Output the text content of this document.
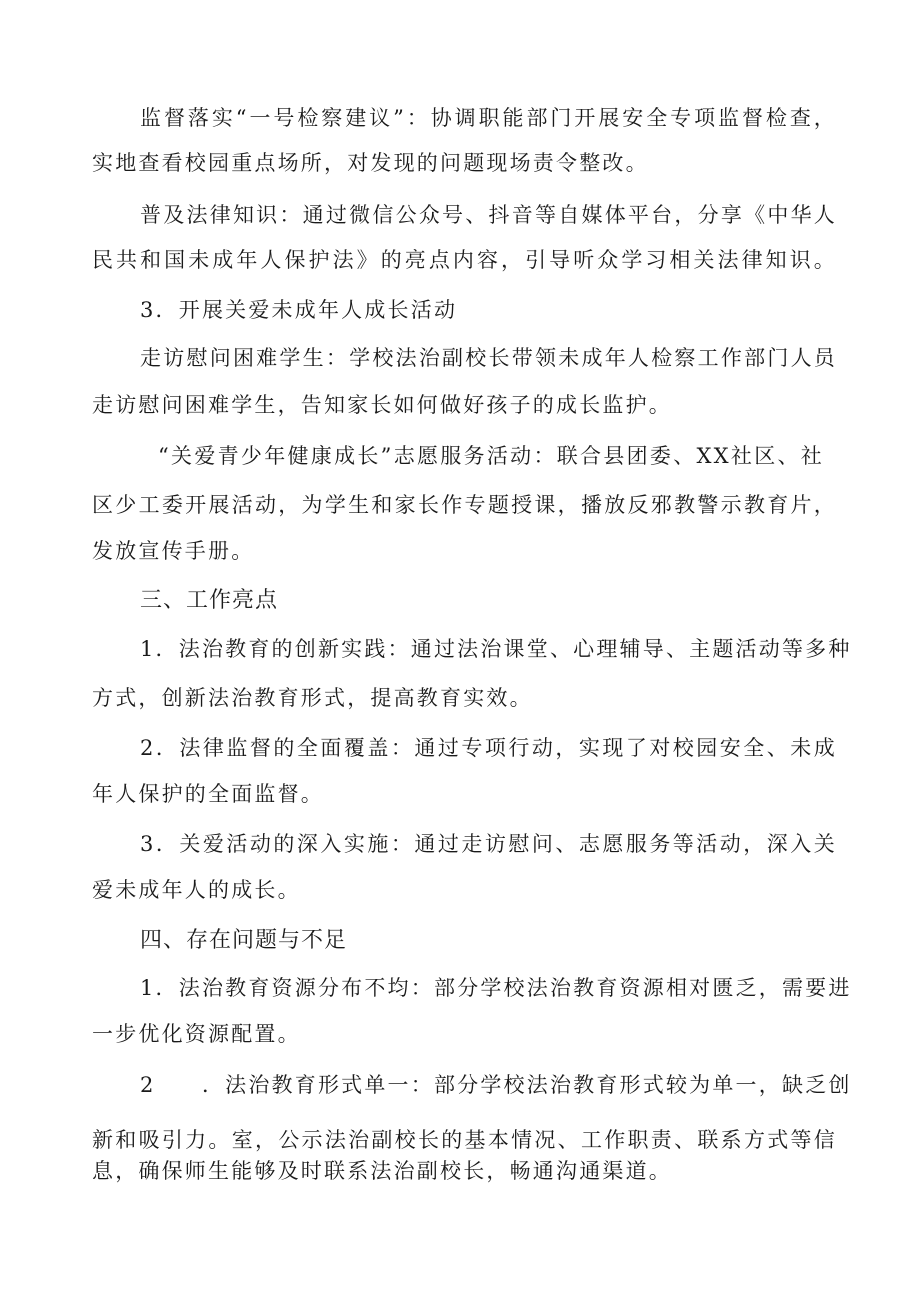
监督落实“一号检察建议”：协调职能部门开展安全专项监督检查，
实地查看校园重点场所，对发现的问题现场责令整改。
普及法律知识：通过微信公众号、抖音等自媒体平台，分享《中华人
民共和国未成年人保护法》的亮点内容，引导听众学习相关法律知识。
3．开展关爱未成年人成长活动
走访慰问困难学生：学校法治副校长带领未成年人检察工作部门人员
走访慰问困难学生，告知家长如何做好孩子的成长监护。
“关爱青少年健康成长”志愿服务活动：联合县团委、XX社区、社
区少工委开展活动，为学生和家长作专题授课，播放反邪教警示教育片，
发放宣传手册。
三、工作亮点
1．法治教育的创新实践：通过法治课堂、心理辅导、主题活动等多种
方式，创新法治教育形式，提高教育实效。
2．法律监督的全面覆盖：通过专项行动，实现了对校园安全、未成
年人保护的全面监督。
3．关爱活动的深入实施：通过走访慰问、志愿服务等活动，深入关
爱未成年人的成长。
四、存在问题与不足
1．法治教育资源分布不均：部分学校法治教育资源相对匮乏，需要进
一步优化资源配置。
2　　．法治教育形式单一：部分学校法治教育形式较为单一，缺乏创
新和吸引力。室，公示法治副校长的基本情况、工作职责、联系方式等信
息，确保师生能够及时联系法治副校长，畅通沟通渠道。
